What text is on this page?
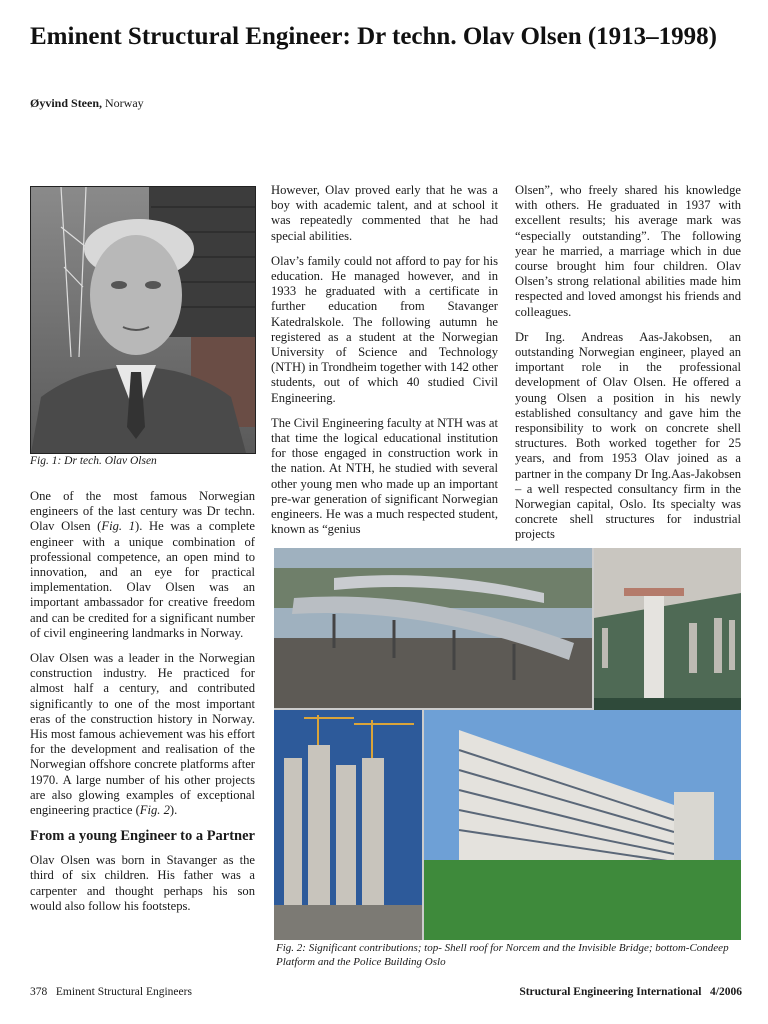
Eminent Structural Engineer: Dr techn. Olav Olsen (1913–1998)
Øyvind Steen, Norway
Fig. 1: Dr tech. Olav Olsen

One of the most famous Norwegian engineers of the last century was Dr techn. Olav Olsen (Fig. 1). He was a complete engineer with a unique combination of professional competence, an open mind to innovation, and an eye for practical implementation. Olav Olsen was an important ambassador for creative freedom and can be credited for a significant number of civil engineering landmarks in Norway.

Olav Olsen was a leader in the Norwegian construction industry. He practiced for almost half a century, and contributed significantly to one of the most important eras of the construction history in Norway. His most famous achievement was his effort for the development and realisation of the Norwegian offshore concrete platforms after 1970. A large number of his other projects are also glowing examples of exceptional engineering practice (Fig. 2).

From a young Engineer to a Partner

Olav Olsen was born in Stavanger as the third of six children. His father was a carpenter and thought perhaps his son would also follow his footsteps.

However, Olav proved early that he was a boy with academic talent, and at school it was repeatedly commented that he had special abilities.

Olav’s family could not afford to pay for his education. He managed however, and in 1933 he graduated with a certificate in further education from Stavanger Katedralskole. The following autumn he registered as a student at the Norwegian University of Science and Technology (NTH) in Trondheim together with 142 other students, out of which 40 studied Civil Engineering.

The Civil Engineering faculty at NTH was at that time the logical educational institution for those engaged in construction work in the nation. At NTH, he studied with several other young men who made up an important pre-war generation of significant Norwegian engineers. He was a much respected student, known as “genius

Olsen”, who freely shared his knowledge with others. He graduated in 1937 with excellent results; his average mark was “especially outstanding”. The following year he married, a marriage which in due course brought him four children. Olav Olsen’s strong relational abilities made him respected and loved amongst his friends and colleagues.

Dr Ing. Andreas Aas-Jakobsen, an outstanding Norwegian engineer, played an important role in the professional development of Olav Olsen. He offered a young Olsen a position in his newly established consultancy and gave him the responsibility to work on concrete shell structures. Both worked together for 25 years, and from 1953 Olav joined as a partner in the company Dr Ing.Aas-Jakobsen – a well respected consultancy firm in the Norwegian capital, Oslo. Its specialty was concrete shell structures for industrial projects

Fig. 2: Significant contributions; top- Shell roof for Norcem and the Invisible Bridge; bottom-Condeep Platform and the Police Building Oslo
378 Eminent Structural Engineers	Structural Engineering International 4/2006
